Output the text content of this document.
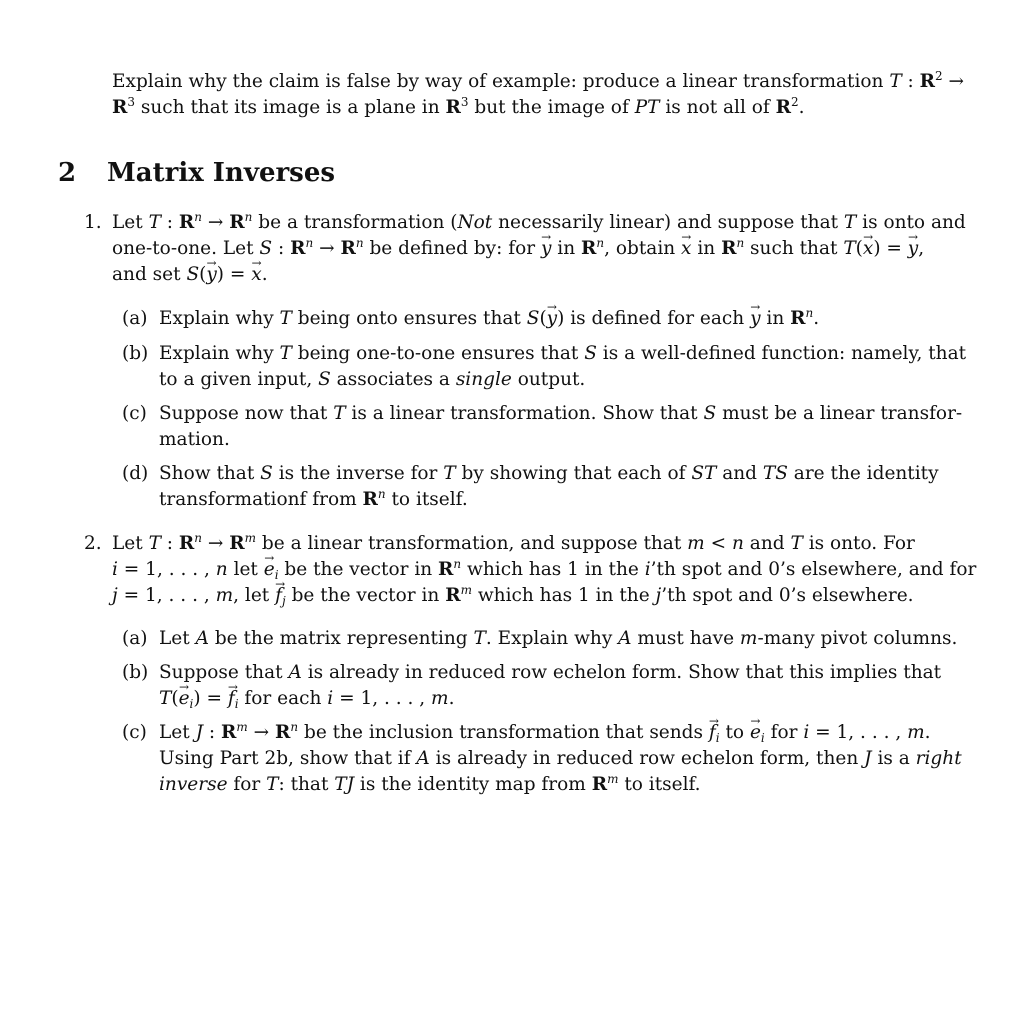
Explain why the claim is false by way of example: produce a linear transformation T : $R^2$ →
$R^3$ such that its image is a plane in $R^3$ but the image of PT is not all of $R^2$.
2 Matrix Inverses
1. Let T : $R^n \to R^n$ be a transformation (Not necessarily linear) and suppose that T is onto and
one-to-one. Let S : $R^n \to R^n$ be defined by: for → y in $R^n$, obtain → x in $R^n$ such that T(→ x) = → y,
and set S(→ y) = → x.
(a) Explain why T being onto ensures that S(→ y) is defined for each → y in $R^n$.
(b) Explain why T being one-to-one ensures that S is a well-defined function: namely, that
to a given input, S associates a single output.
(c) Suppose now that T is a linear transformation. Show that S must be a linear transfor-
mation.
(d) Show that S is the inverse for T by showing that each of ST and TS are the identity
transformationf from $R^n$ to itself.
2. Let T : $R^n \to R^m$ be a linear transformation, and suppose that m < n and T is onto. For
i = 1, . . . , n let → $e_i$ be the vector in $R^n$ which has 1 in the i’th spot and 0’s elsewhere, and for
j = 1, . . . , m, let → $f_j$ be the vector in $R^m$ which has 1 in the j’th spot and 0’s elsewhere.
(a) Let A be the matrix representing T. Explain why A must have m-many pivot columns.
(b) Suppose that A is already in reduced row echelon form. Show that this implies that
$T(\to e_i)$ = → $f_i$ for each i = 1, . . . , m.
(c) Let J : $R^m \to R^n$ be the inclusion transformation that sends → $f_i$ to → $e_i$ for i = 1, . . . , m.
Using Part 2b, show that if A is already in reduced row echelon form, then J is a right
inverse for T: that TJ is the identity map from $R^m$ to itself.
